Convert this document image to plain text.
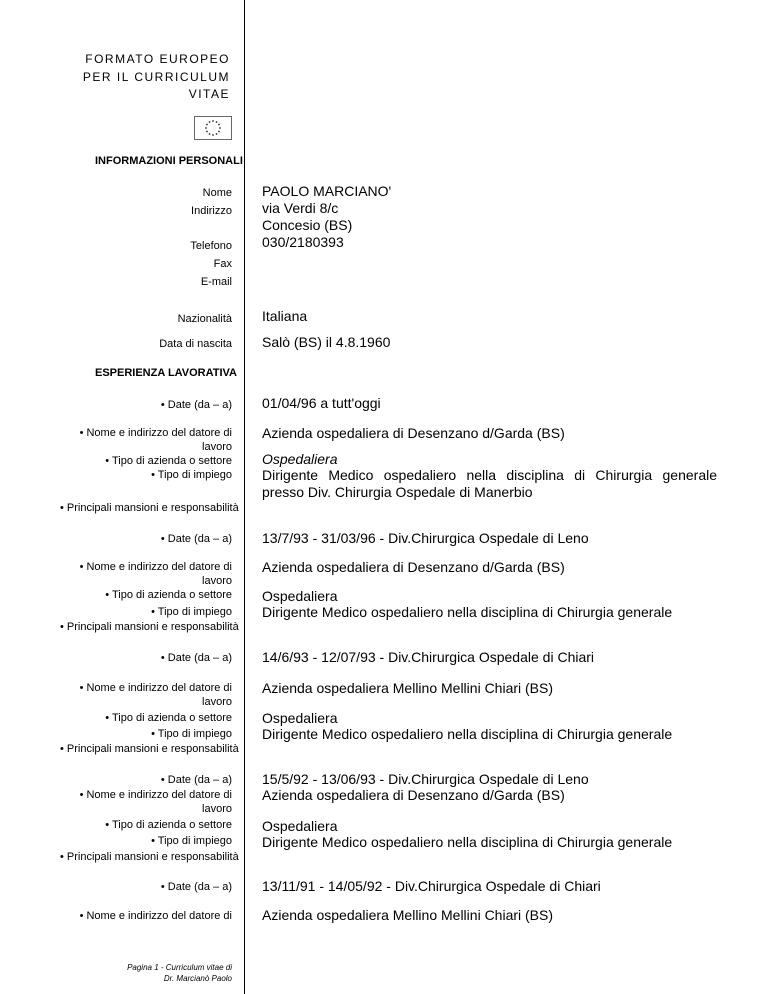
FORMATO EUROPEO
PER IL CURRICULUM
VITAE
INFORMAZIONI PERSONALI
Nome
Indirizzo
Telefono
Fax
E-mail
PAOLO MARCIANO'
via Verdi 8/c
Concesio (BS)
030/2180393
Nazionalità Italiana
Data di nascita Salò (BS) il 4.8.1960
ESPERIENZA LAVORATIVA
• Date (da – a) 01/04/96 a tutt'oggi
• Nome e indirizzo del datore di
lavoro
Azienda ospedaliera di Desenzano d/Garda (BS)
• Tipo di azienda o settore
• Tipo di impiego
Ospedaliera
Dirigente Medico ospedaliero nella disciplina di Chirurgia generale presso Div. Chirurgia Ospedale di Manerbio
• Principali mansioni e responsabilità
• Date (da – a) 13/7/93 - 31/03/96 - Div.Chirurgica Ospedale di Leno
• Nome e indirizzo del datore di
lavoro
Azienda ospedaliera di Desenzano d/Garda (BS)
• Tipo di azienda o settore
• Tipo di impiego
Ospedaliera
Dirigente Medico ospedaliero nella disciplina di Chirurgia generale
• Principali mansioni e responsabilità
• Date (da – a) 14/6/93 - 12/07/93 - Div.Chirurgica Ospedale di Chiari
• Nome e indirizzo del datore di
lavoro
Azienda ospedaliera Mellino Mellini Chiari (BS)
• Tipo di azienda o settore
• Tipo di impiego
Ospedaliera
Dirigente Medico ospedaliero nella disciplina di Chirurgia generale
• Principali mansioni e responsabilità
• Date (da – a) 15/5/92 - 13/06/93 - Div.Chirurgica Ospedale di Leno
• Nome e indirizzo del datore di
lavoro
Azienda ospedaliera di Desenzano d/Garda (BS)
• Tipo di azienda o settore
• Tipo di impiego
Ospedaliera
Dirigente Medico ospedaliero nella disciplina di Chirurgia generale
• Principali mansioni e responsabilità
• Date (da – a) 13/11/91 - 14/05/92 - Div.Chirurgica Ospedale di Chiari
• Nome e indirizzo del datore di Azienda ospedaliera Mellino Mellini Chiari (BS)
Pagina 1 - Curriculum vitae di
Dr. Marcianò Paolo
